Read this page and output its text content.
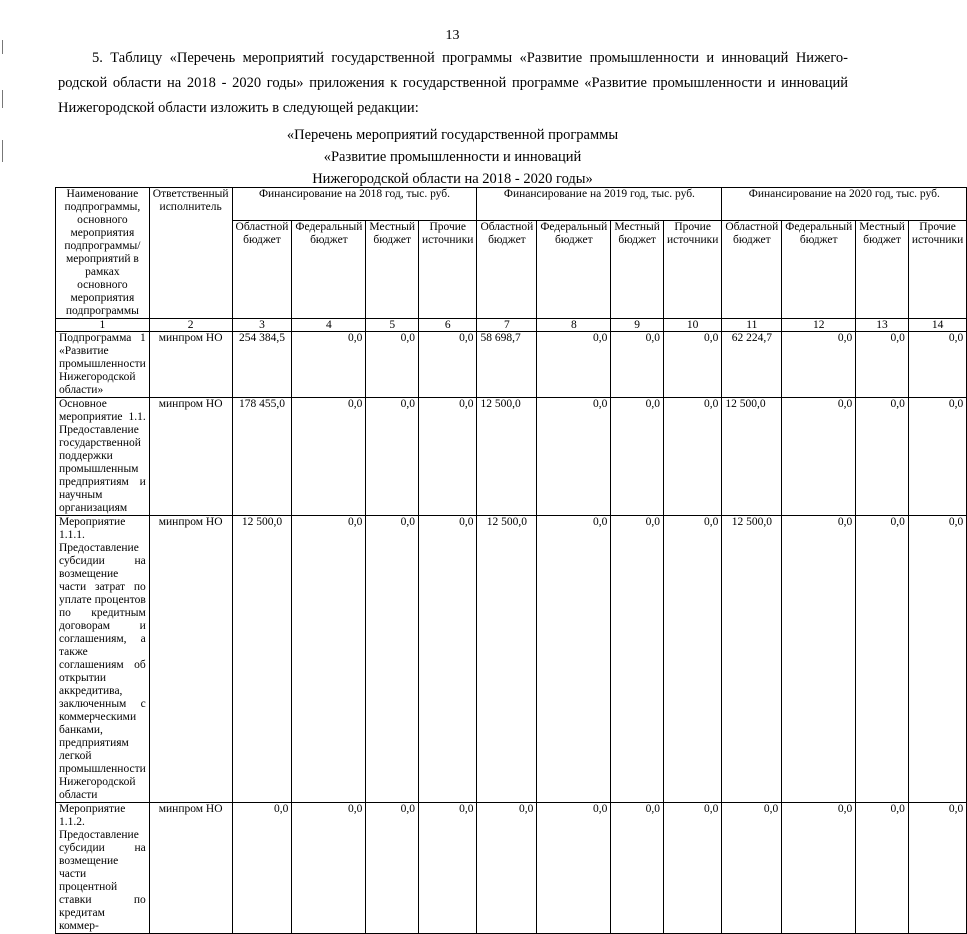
13
5. Таблицу «Перечень мероприятий государственной программы «Развитие промышленности и инноваций Нижего-
родской области на 2018 - 2020 годы» приложения к государственной программе «Развитие промышленности и инноваций
Нижегородской области изложить в следующей редакции:
«Перечень мероприятий государственной программы
«Развитие промышленности и инноваций
Нижегородской области на 2018 - 2020 годы»
Наименование подпрограммы, основного мероприятия подпрограммы/мероприятий в рамках основного мероприятия подпрограммы	Ответственный исполнитель	Финансирование на 2018 год, тыс. руб.				Финансирование на 2019 год, тыс. руб.				Финансирование на 2020 год, тыс. руб.			
		Областной бюджет	Федеральный бюджет	Местный бюджет	Прочие источники	Областной бюджет	Федеральный бюджет	Местный бюджет	Прочие источники	Областной бюджет	Федеральный бюджет	Местный бюджет	Прочие источники
1	2	3	4	5	6	7	8	9	10	11	12	13	14
Подпрограмма 1 «Развитие промышленности Нижегородской области»	минпром НО	254 384,5	0,0	0,0	0,0	58 698,7	0,0	0,0	0,0	62 224,7	0,0	0,0	0,0
Основное мероприятие 1.1. Предоставление государственной поддержки промышленным предприятиям и научным организациям	минпром НО	178 455,0	0,0	0,0	0,0	12 500,0	0,0	0,0	0,0	12 500,0	0,0	0,0	0,0
Мероприятие 1.1.1. Предоставление субсидии на возмещение части затрат по уплате процентов по кредитным договорам и соглашениям, а также соглашениям об открытии аккредитива, заключенным с коммерческими банками, предприятиям легкой промышленности Нижегородской области	минпром НО	12 500,0	0,0	0,0	0,0	12 500,0	0,0	0,0	0,0	12 500,0	0,0	0,0	0,0
Мероприятие 1.1.2. Предоставление субсидии на возмещение части процентной ставки по кредитам коммер-	минпром НО	0,0	0,0	0,0	0,0	0,0	0,0	0,0	0,0	0,0	0,0	0,0	0,0
